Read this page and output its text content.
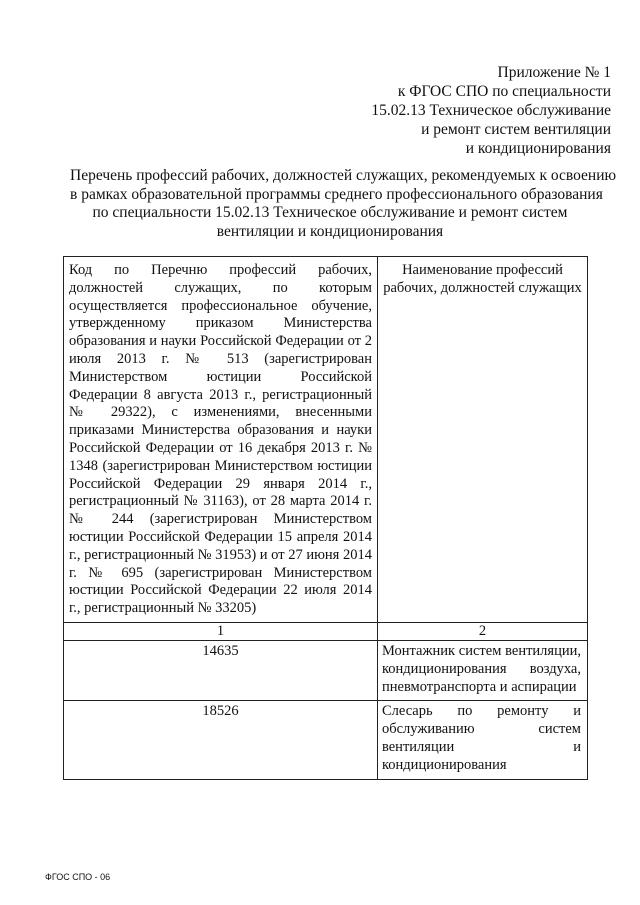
Приложение № 1
к ФГОС СПО по специальности
15.02.13 Техническое обслуживание
и ремонт систем вентиляции
и кондиционирования
Перечень профессий рабочих, должностей служащих, рекомендуемых к освоению
в рамках образовательной программы среднего профессионального образования
по специальности 15.02.13 Техническое обслуживание и ремонт систем
вентиляции и кондиционирования
Код по Перечню профессий рабочих, должностей служащих, по которым осуществляется профессиональное обучение, утвержденному приказом Министерства образования и науки Российской Федерации от 2 июля 2013 г. № 513 (зарегистрирован Министерством юстиции Российской Федерации 8 августа 2013 г., регистрационный № 29322), с изменениями, внесенными приказами Министерства образования и науки Российской Федерации от 16 декабря 2013 г. № 1348 (зарегистрирован Министерством юстиции Российской Федерации 29 января 2014 г., регистрационный № 31163), от 28 марта 2014 г. № 244 (зарегистрирован Министерством юстиции Российской Федерации 15 апреля 2014 г., регистрационный № 31953) и от 27 июня 2014 г. № 695 (зарегистрирован Министерством юстиции Российской Федерации 22 июля 2014 г., регистрационный № 33205)	Наименование профессий рабочих, должностей служащих
1	2
14635	Монтажник систем вентиляции, кондиционирования воздуха, пневмотранспорта и аспирации
18526	Слесарь по ремонту и обслуживанию систем вентиляции и кондиционирования
ФГОС СПО - 06
